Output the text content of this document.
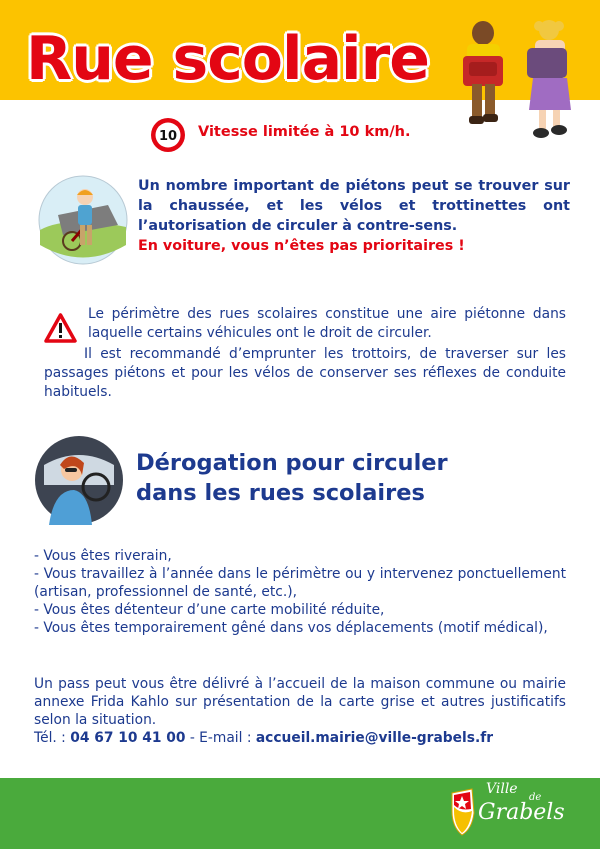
Rue scolaire
10 Vitesse limitée à 10 km/h.
Un nombre important de piétons peut se trouver sur la chaussée, et les vélos et trottinettes ont l’autorisation de circuler à contre-sens.
En voiture, vous n’êtes pas prioritaires !

Le périmètre des rues scolaires constitue une aire piétonne dans laquelle certains véhicules ont le droit de circuler.

Il est recommandé d’emprunter les trottoirs, de traverser sur les passages piétons et pour les vélos de conserver ses réflexes de conduite habituels.

Dérogation pour circuler
dans les rues scolaires
- Vous êtes riverain,
- Vous travaillez à l’année dans le périmètre ou y intervenez ponctuellement (artisan, professionnel de santé, etc.),
- Vous êtes détenteur d’une carte mobilité réduite,
- Vous êtes temporairement gêné dans vos déplacements (motif médical),

Un pass peut vous être délivré à l’accueil de la maison commune ou mairie annexe Frida Kahlo sur présentation de la carte grise et autres justificatifs selon la situation.

Tél. : 04 67 10 41 00 - E-mail : accueil.mairie@ville-grabels.fr
Ville
de
Grabels
